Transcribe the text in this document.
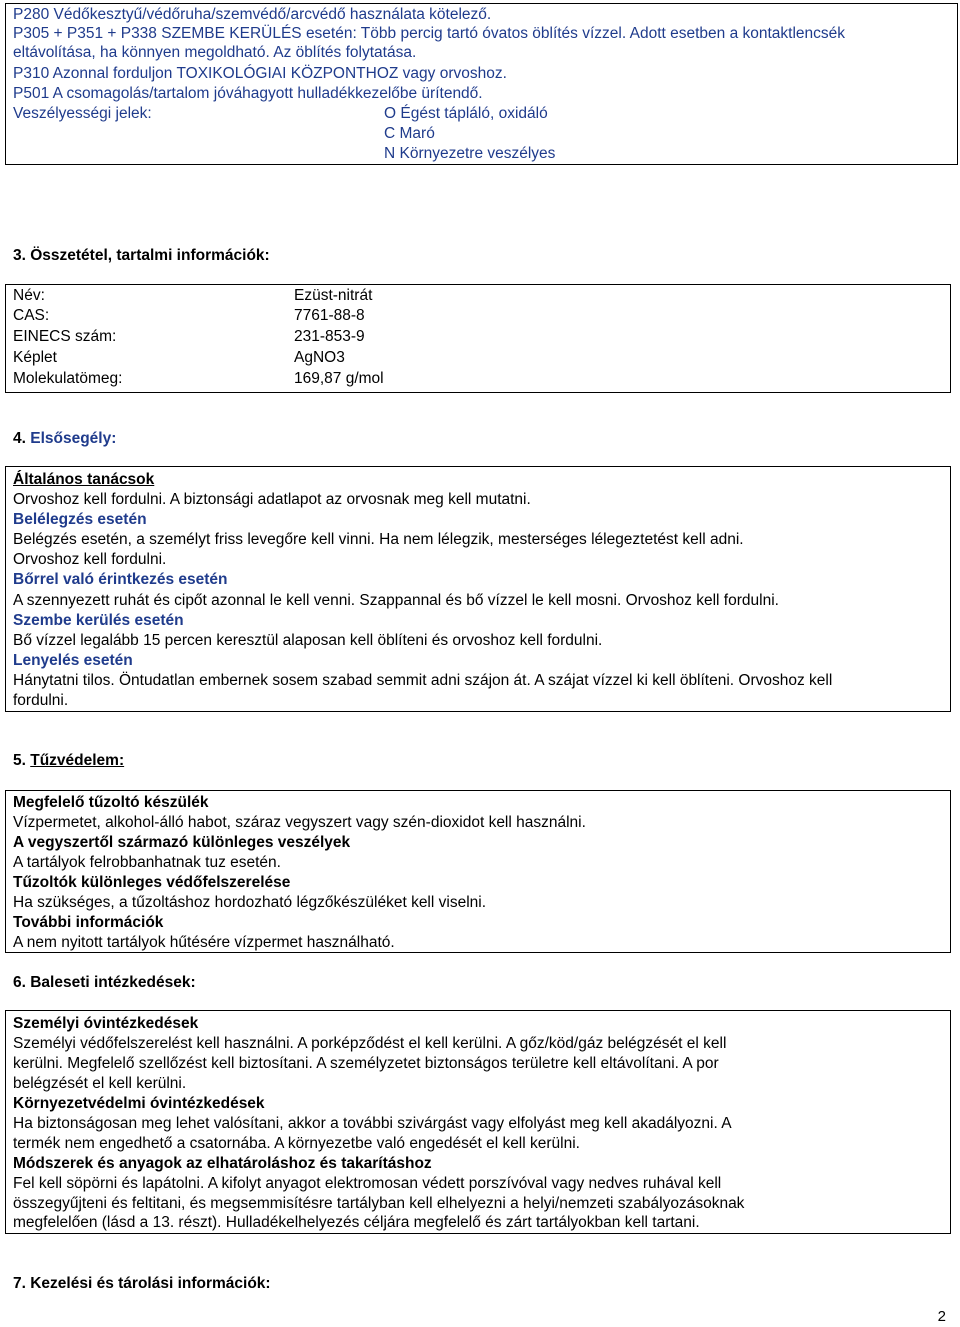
P280 Védőkesztyű/védőruha/szemvédő/arcvédő használata kötelező.
P305 + P351 + P338 SZEMBE KERÜLÉS esetén: Több percig tartó óvatos öblítés vízzel. Adott esetben a kontaktlencsék
eltávolítása, ha könnyen megoldható. Az öblítés folytatása.
P310 Azonnal forduljon TOXIKOLÓGIAI KÖZPONTHOZ vagy orvoshoz.
P501 A csomagolás/tartalom jóváhagyott hulladékkezelőbe ürítendő.
Veszélyességi jelek:	O Égést tápláló, oxidáló
C Maró
N Környezetre veszélyes
3. Összetétel, tartalmi információk:
Név:	Ezüst-nitrát
CAS:	7761-88-8
EINECS szám:	231-853-9
Képlet	AgNO3
Molekulatömeg:	169,87 g/mol
4. Elsősegély:
Általános tanácsok
Orvoshoz kell fordulni. A biztonsági adatlapot az orvosnak meg kell mutatni.
Belélegzés esetén
Belégzés esetén, a személyt friss levegőre kell vinni. Ha nem lélegzik, mesterséges lélegeztetést kell adni.
Orvoshoz kell fordulni.
Bőrrel való érintkezés esetén
A szennyezett ruhát és cipőt azonnal le kell venni. Szappannal és bő vízzel le kell mosni. Orvoshoz kell fordulni.
Szembe kerülés esetén
Bő vízzel legalább 15 percen keresztül alaposan kell öblíteni és orvoshoz kell fordulni.
Lenyelés esetén
Hánytatni tilos. Öntudatlan embernek sosem szabad semmit adni szájon át. A szájat vízzel ki kell öblíteni. Orvoshoz kell
fordulni.
5. Tűzvédelem:
Megfelelő tűzoltó készülék
Vízpermetet, alkohol-álló habot, száraz vegyszert vagy szén-dioxidot kell használni.
A vegyszertől származó különleges veszélyek
A tartályok felrobbanhatnak tuz esetén.
Tűzoltók különleges védőfelszerelése
Ha szükséges, a tűzoltáshoz hordozható légzőkészüléket kell viselni.
További információk
A nem nyitott tartályok hűtésére vízpermet használható.
6. Baleseti intézkedések:
Személyi óvintézkedések
Személyi védőfelszerelést kell használni. A porképződést el kell kerülni. A gőz/köd/gáz belégzését el kell
kerülni. Megfelelő szellőzést kell biztosítani. A személyzetet biztonságos területre kell eltávolítani. A por
belégzését el kell kerülni.
Környezetvédelmi óvintézkedések
Ha biztonságosan meg lehet valósítani, akkor a további szivárgást vagy elfolyást meg kell akadályozni. A
termék nem engedhető a csatornába. A környezetbe való engedését el kell kerülni.
Módszerek és anyagok az elhatároláshoz és takarításhoz
Fel kell söpörni és lapátolni. A kifolyt anyagot elektromosan védett porszívóval vagy nedves ruhával kell
összegyűjteni és feltitani, és megsemmisítésre tartályban kell elhelyezni a helyi/nemzeti szabályozásoknak
megfelelően (lásd a 13. részt). Hulladékelhelyezés céljára megfelelő és zárt tartályokban kell tartani.
7. Kezelési és tárolási információk:
2
